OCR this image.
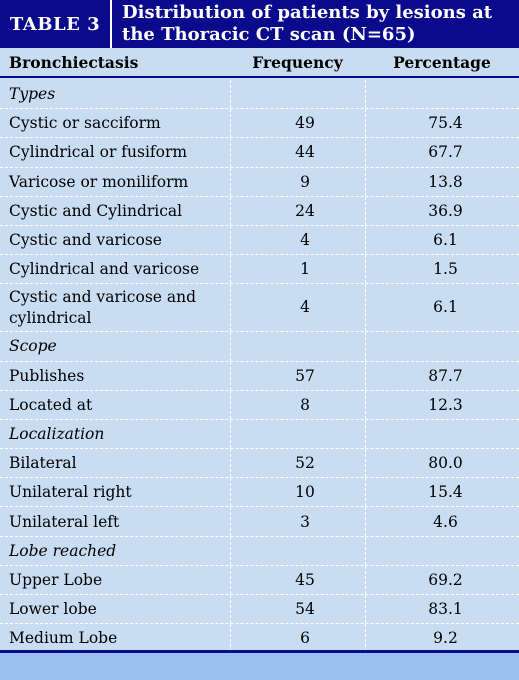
TABLE 3
Distribution of patients by lesions at
the Thoracic CT scan (N=65)
Bronchiectasis	Frequency	Percentage
Types
Cystic or sacciform	49	75.4
Cylindrical or fusiform	44	67.7
Varicose or moniliform	9	13.8
Cystic and Cylindrical	24	36.9
Cystic and varicose	4	6.1
Cylindrical and varicose	1	1.5
Cystic and varicose and
cylindrical
4	6.1
Scope
Publishes	57	87.7
Located at	8	12.3
Localization
Bilateral	52	80.0
Unilateral right	10	15.4
Unilateral left	3	4.6
Lobe reached
Upper Lobe	45	69.2
Lower lobe	54	83.1
Medium Lobe	6	9.2
